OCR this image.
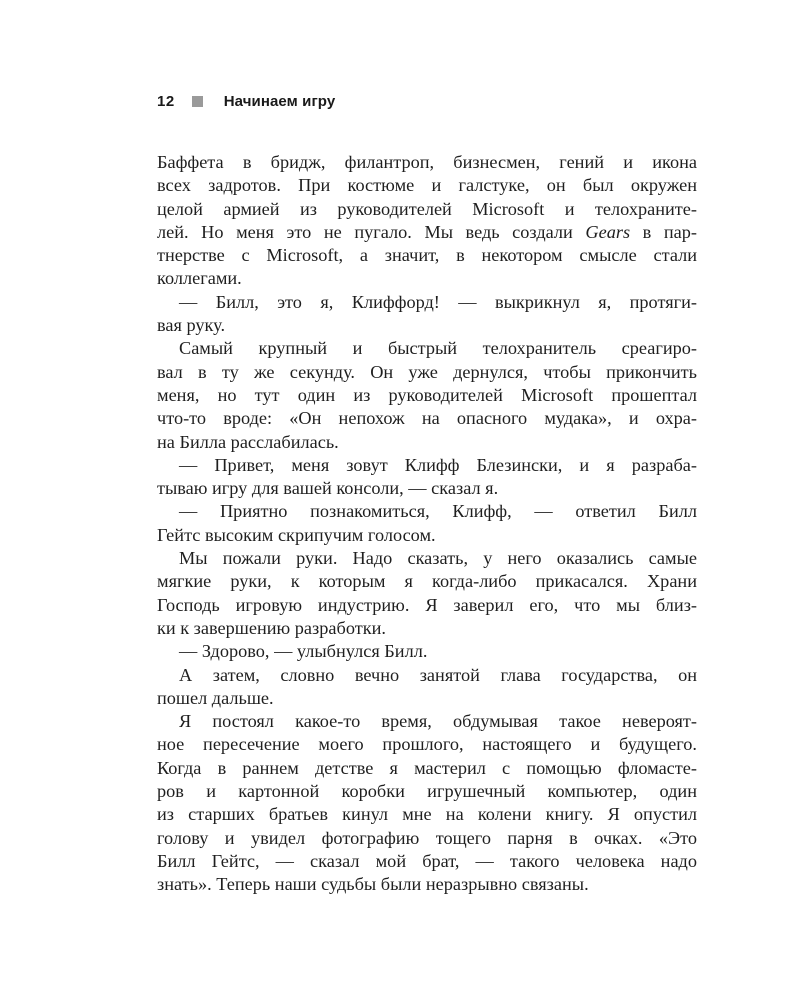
12	Начинаем игру
Баффета в бридж, филантроп, бизнесмен, гений и икона
всех задротов. При костюме и галстуке, он был окружен
целой армией из руководителей Microsoft и телохраните-
лей. Но меня это не пугало. Мы ведь создали Gears в пар-
тнерстве с Microsoft, а значит, в некотором смысле стали
коллегами.
— Билл, это я, Клиффорд! — выкрикнул я, протяги-
вая руку.
Самый крупный и быстрый телохранитель среагиро-
вал в ту же секунду. Он уже дернулся, чтобы прикончить
меня, но тут один из руководителей Microsoft прошептал
что-то вроде: «Он непохож на опасного мудака», и охра-
на Билла расслабилась.
— Привет, меня зовут Клифф Блезински, и я разраба-
тываю игру для вашей консоли, — сказал я.
— Приятно познакомиться, Клифф, — ответил Билл
Гейтс высоким скрипучим голосом.
Мы пожали руки. Надо сказать, у него оказались самые
мягкие руки, к которым я когда-либо прикасался. Храни
Господь игровую индустрию. Я заверил его, что мы близ-
ки к завершению разработки.
— Здорово, — улыбнулся Билл.
А затем, словно вечно занятой глава государства, он
пошел дальше.
Я постоял какое-то время, обдумывая такое невероят-
ное пересечение моего прошлого, настоящего и будущего.
Когда в раннем детстве я мастерил с помощью фломасте-
ров и картонной коробки игрушечный компьютер, один
из старших братьев кинул мне на колени книгу. Я опустил
голову и увидел фотографию тощего парня в очках. «Это
Билл Гейтс, — сказал мой брат, — такого человека надо
знать». Теперь наши судьбы были неразрывно связаны.
